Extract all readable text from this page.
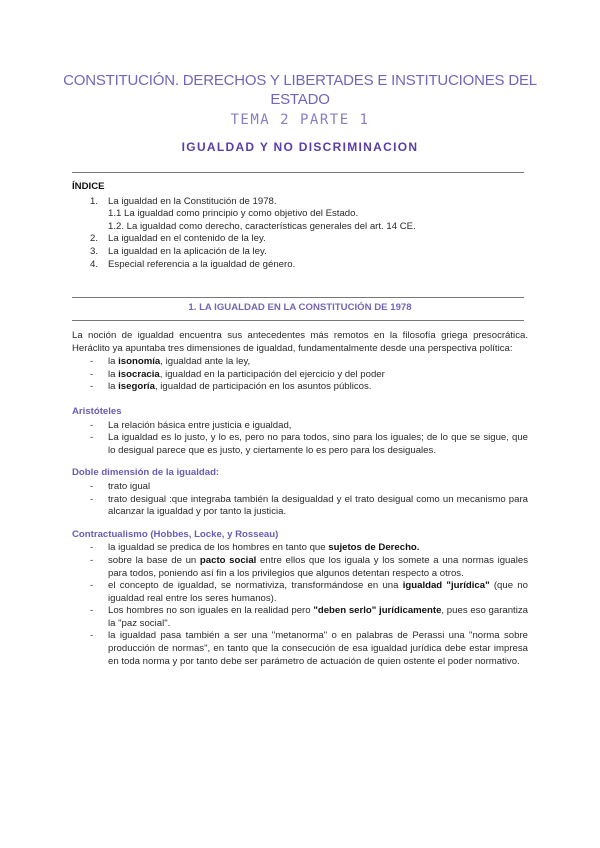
CONSTITUCIÓN. DERECHOS Y LIBERTADES E INSTITUCIONES DEL ESTADO
TEMA 2 PARTE 1
IGUALDAD Y NO DISCRIMINACION
ÍNDICE
1. La igualdad en la Constitución de 1978.
1.1 La igualdad como principio y como objetivo del Estado.
1.2. La igualdad como derecho, características generales del art. 14 CE.
2. La igualdad en el contenido de la ley.
3. La igualdad en la aplicación de la ley.
4. Especial referencia a la igualdad de género.
1. LA IGUALDAD EN LA CONSTITUCIÓN DE 1978
La noción de igualdad encuentra sus antecedentes más remotos en la filosofía griega presocrática. Heráclito ya apuntaba tres dimensiones de igualdad, fundamentalmente desde una perspectiva política:
- la isonomía, igualdad ante la ley,
- la isocracia, igualdad en la participación del ejercicio y del poder
- la isegoría, igualdad de participación en los asuntos públicos.
Aristóteles
- La relación básica entre justicia e igualdad,
- La igualdad es lo justo, y lo es, pero no para todos, sino para los iguales; de lo que se sigue, que lo desigual parece que es justo, y ciertamente lo es pero para los desiguales.
Doble dimensión de la igualdad:
- trato igual
- trato desigual :que integraba también la desigualdad y el trato desigual como un mecanismo para alcanzar la igualdad y por tanto la justicia.
Contractualismo (Hobbes, Locke, y Rosseau)
- la igualdad se predica de los hombres en tanto que sujetos de Derecho.
- sobre la base de un pacto social entre ellos que los iguala y los somete a una normas iguales para todos, poniendo así fin a los privilegios que algunos detentan respecto a otros.
- el concepto de igualdad, se normativiza, transformándose en una igualdad "jurídica" (que no igualdad real entre los seres humanos).
- Los hombres no son iguales en la realidad pero "deben serlo" jurídicamente, pues eso garantiza la "paz social".
- la igualdad pasa también a ser una "metanorma" o en palabras de Perassi una "norma sobre producción de normas", en tanto que la consecución de esa igualdad jurídica debe estar impresa en toda norma y por tanto debe ser parámetro de actuación de quien ostente el poder normativo.
